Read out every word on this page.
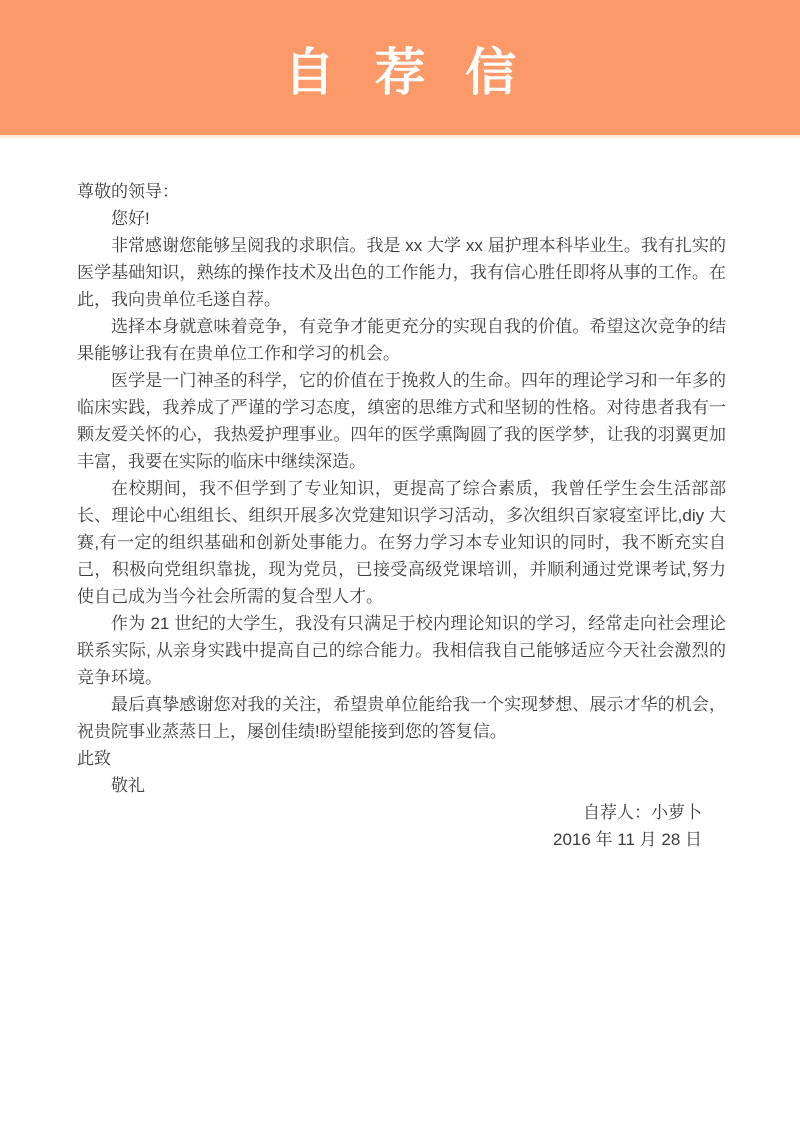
自 荐 信

尊敬的领导：

您好!

非常感谢您能够呈阅我的求职信。我是 xx 大学 xx 届护理本科毕业生。我有扎实的医学基础知识，熟练的操作技术及出色的工作能力，我有信心胜任即将从事的工作。在此，我向贵单位毛遂自荐。

选择本身就意味着竞争，有竞争才能更充分的实现自我的价值。希望这次竞争的结果能够让我有在贵单位工作和学习的机会。

医学是一门神圣的科学，它的价值在于挽救人的生命。四年的理论学习和一年多的临床实践，我养成了严谨的学习态度，缜密的思维方式和坚韧的性格。对待患者我有一颗友爱关怀的心，我热爱护理事业。四年的医学熏陶圆了我的医学梦，让我的羽翼更加丰富，我要在实际的临床中继续深造。

在校期间，我不但学到了专业知识，更提高了综合素质，我曾任学生会生活部部长、理论中心组组长、组织开展多次党建知识学习活动，多次组织百家寝室评比,diy 大赛,有一定的组织基础和创新处事能力。在努力学习本专业知识的同时，我不断充实自己，积极向党组织靠拢，现为党员，已接受高级党课培训，并顺利通过党课考试,努力使自己成为当今社会所需的复合型人才。

作为 21 世纪的大学生，我没有只满足于校内理论知识的学习，经常走向社会理论联系实际, 从亲身实践中提高自己的综合能力。我相信我自己能够适应今天社会激烈的竞争环境。

最后真挚感谢您对我的关注，希望贵单位能给我一个实现梦想、展示才华的机会，祝贵院事业蒸蒸日上，屡创佳绩!盼望能接到您的答复信。

此致

敬礼

自荐人：小萝卜

2016 年 11 月 28 日
